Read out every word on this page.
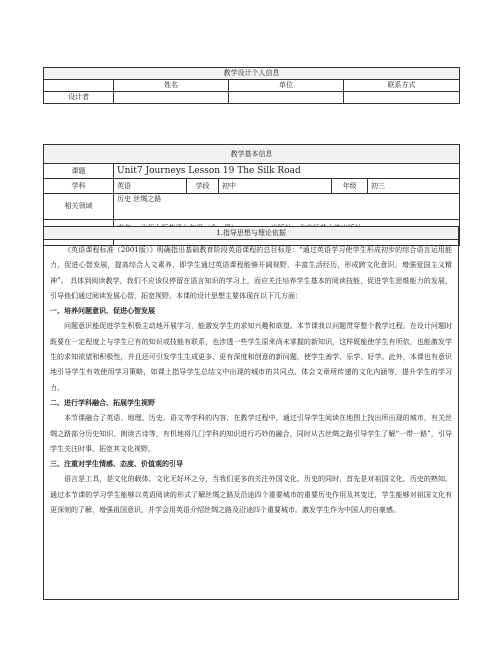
教学设计个人信息			
	姓名	单位	联系方式
设计者			
教学基本信息					
课题	Unit7 Journeys Lesson 19 The Silk Road				
学科	英语	学段	初中	年级	初三
相关领域	历史 丝绸之路				

1.指导思想与理论依据

《英语课程标准（2001版）》明确指出基础教育阶段英语课程的总目标是：“通过英语学习使学生形成初步的综合语言运用能力，促进心智发展，提高综合人文素养，即学生通过英语课程能够开阔视野，丰富生活经历，形成跨文化意识，增强爱国主义精神”。 具体到阅读教学，我们不应该仅停留在语言知识的学习上，而应关注培养学生基本的阅读技能，促进学生思维能力的发展，引导他们通过阅读发展心智，拓宽视野。本课的设计思想主要体现在以下几方面：

一、培养问题意识、促进心智发展

问题意识能促进学生积极主动地开展学习，能激发学生的求知兴趣和欲望。本节课我以问题贯穿整个教学过程。在设计问题时既要在一定程度上与学生已有的知识或技能有联系，也涉透一些学生原来尚未掌握的新知识，这样既能使学生有所依，也能激发学生的求知欲望和积极性，并且还可引发学生生成更多、更有深度和创意的新问题，使学生善学、乐学、好学。此外，本课也有意识地引导学生有效使用学习策略，如课上指导学生总结文中出现的城市的共同点、体会文章所传递的文化内涵等，提升学生的学习力。

二、进行学科融合、拓展学生视野

本节课融合了英语、地理、历史、语文等学科的内容，在教学过程中，通过引导学生阅读在地图上找出所出现的城市，有关丝绸之路部分历史知识、朗读古诗等，有机地将几门学科的知识进行巧妙的融合，同时从古丝绸之路引导学生了解“一带一路”，引导学生关注时事、拓宽其文化视野。

三、注重对学生情感、态度、价值观的引导

语言是工具，是文化的载体。文化无好坏之分，当我们更多的关注外国文化、历史的同时，首先是对祖国文化、历史的熟知。通过本节课的学习学生能够以英语阅读的形式了解丝绸之路及沿途四个重要城市的重要历史作用及其变迁，学生能够对祖国文化有更深刻的了解，增强祖国意识，并学会用英语介绍丝绸之路及沿途四个重要城市。激发学生作为中国人的自豪感。
